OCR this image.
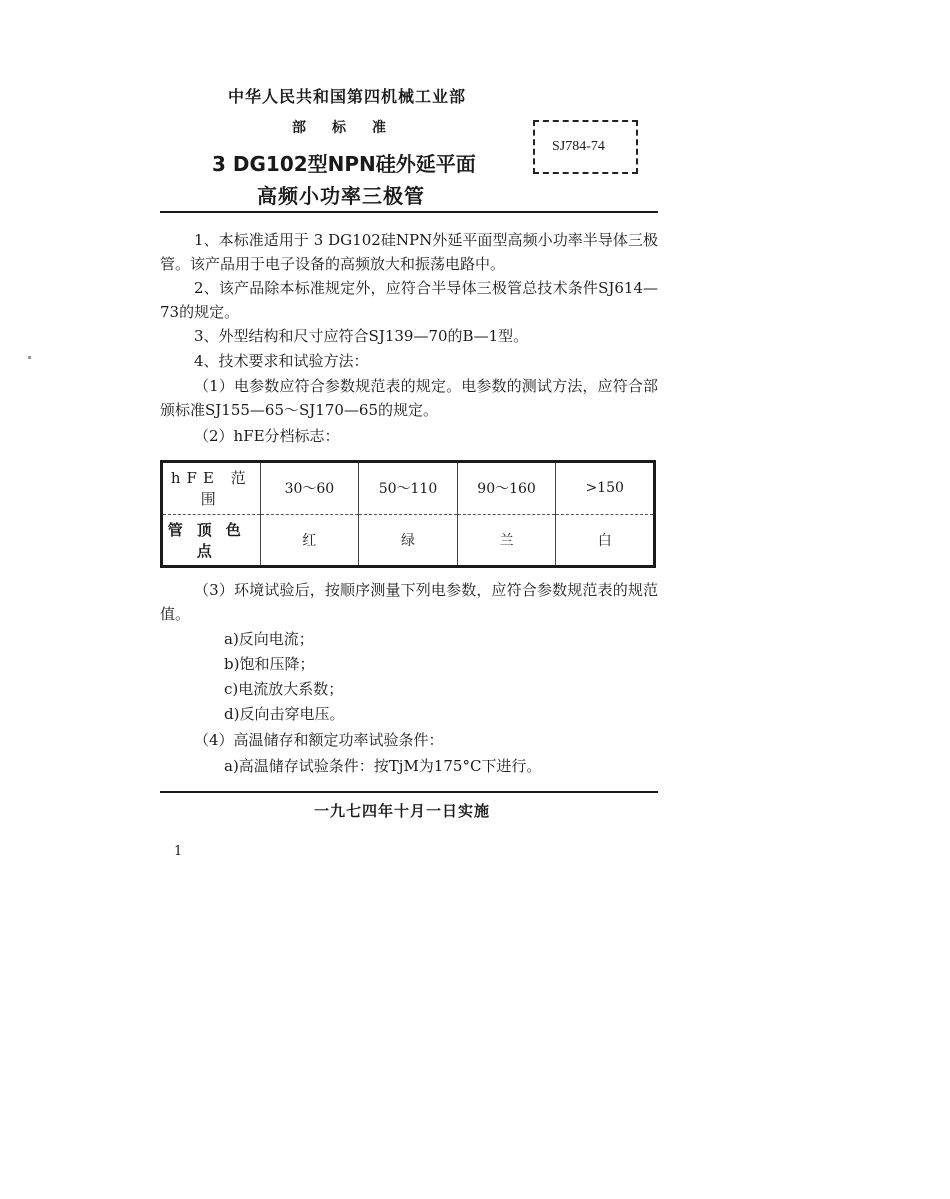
中华人民共和国第四机械工业部
部标准
3 DG102型NPN硅外延平面
高频小功率三极管
SJ784-74
1、本标准适用于 3 DG102硅NPN外延平面型高频小功率半导体三极管。该产品用于电子设备的高频放大和振荡电路中。
2、该产品除本标准规定外，应符合半导体三极管总技术条件SJ614—73的规定。
3、外型结构和尺寸应符合SJ139—70的B—1型。
4、技术要求和试验方法：
（1）电参数应符合参数规范表的规定。电参数的测试方法，应符合部颁标准SJ155—65～SJ170—65的规定。
（2）hFE分档标志：
hFE 范 围	30～60	50～110	90～160	>150
管顶色点	红	绿	兰	白
（3）环境试验后，按顺序测量下列电参数，应符合参数规范表的规范值。
a)反向电流；
b)饱和压降；
c)电流放大系数；
d)反向击穿电压。
（4）高温储存和额定功率试验条件：
a)高温储存试验条件：按TjM为175°C下进行。
一九七四年十月一日实施
1
